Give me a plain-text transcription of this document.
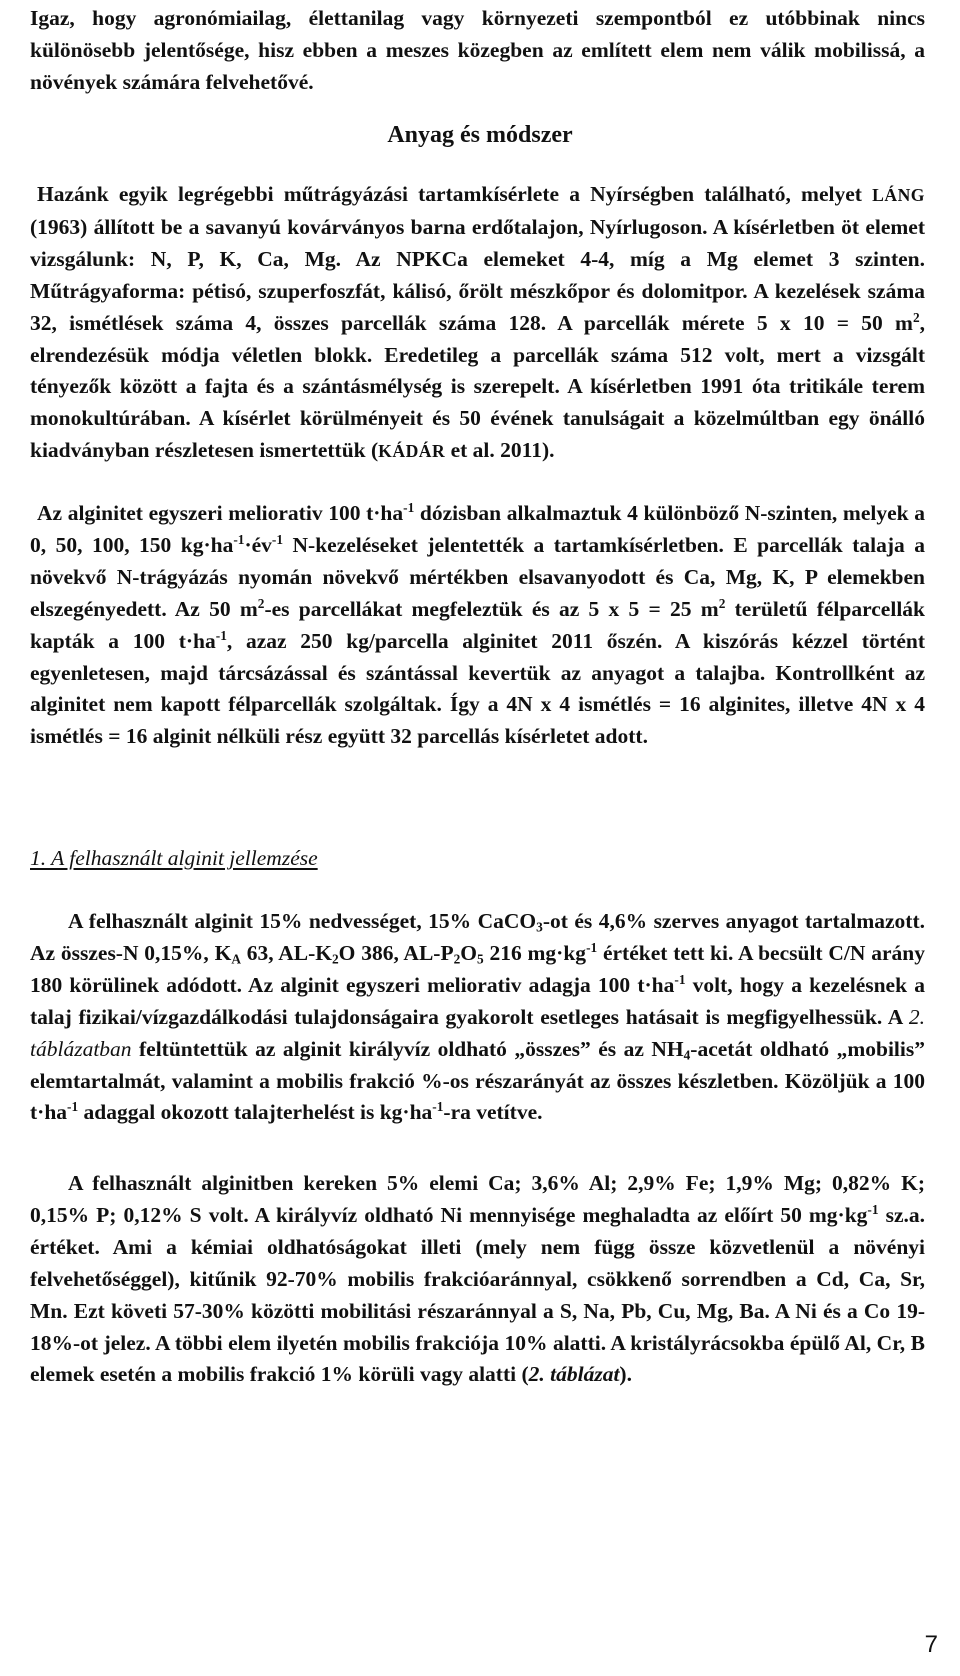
Igaz, hogy agronómiailag, élettanilag vagy környezeti szempontból ez utóbbinak nincs különösebb jelentősége, hisz ebben a meszes közegben az említett elem nem válik mobilissá, a növények számára felvehetővé.

Anyag és módszer

Hazánk egyik legrégebbi műtrágyázási tartamkísérlete a Nyírségben található, melyet LÁNG (1963) állított be a savanyú kovárványos barna erdőtalajon, Nyírlugoson. A kísérletben öt elemet vizsgálunk: N, P, K, Ca, Mg. Az NPKCa elemeket 4-4, míg a Mg elemet 3 szinten. Műtrágyaforma: pétisó, szuperfoszfát, kálisó, őrölt mészkőpor és dolomitpor. A kezelések száma 32, ismétlések száma 4, összes parcellák száma 128. A parcellák mérete 5 x 10 = 50 $m^2$, elrendezésük módja véletlen blokk. Eredetileg a parcellák száma 512 volt, mert a vizsgált tényezők között a fajta és a szántásmélység is szerepelt. A kísérletben 1991 óta tritikále terem monokultúrában. A kísérlet körülményeit és 50 évének tanulságait a közelmúltban egy önálló kiadványban részletesen ismertettük (KÁDÁR et al. 2011).

Az alginitet egyszeri meliorativ 100 $t\cdot ha^{-1}$ dózisban alkalmaztuk 4 különböző N-szinten, melyek a 0, 50, 100, 150 $kg\cdot ha^{-1}\cdot év^{-1}$ N-kezeléseket jelentették a tartamkísérletben. E parcellák talaja a növekvő N-trágyázás nyomán növekvő mértékben elsavanyodott és Ca, Mg, K, P elemekben elszegényedett. Az 50 $m^2-es$ parcellákat megfeleztük és az 5 x 5 = 25 $m^2$ területű félparcellák kapták a 100 $t\cdot ha^{-1}$, azaz 250 kg/parcella alginitet 2011 őszén. A kiszórás kézzel történt egyenletesen, majd tárcsázással és szántással kevertük az anyagot a talajba. Kontrollként az alginitet nem kapott félparcellák szolgáltak. Így a 4N x 4 ismétlés = 16 alginites, illetve 4N x 4 ismétlés = 16 alginit nélküli rész együtt 32 parcellás kísérletet adott.

1. A felhasznált alginit jellemzése

A felhasznált alginit 15% nedvességet, 15% CaCO$_3$-ot és 4,6% szerves anyagot tartalmazott. Az összes-N 0,15%, $K_A$ 63, $AL-K_2O$ 386, $AL-P_2O_5$ 216 $mg\cdot kg^{-1}$ értéket tett ki. A becsült C/N arány 180 körülinek adódott. Az alginit egyszeri meliorativ adagja 100 $t\cdot ha^{-1}$ volt, hogy a kezelésnek a talaj fizikai/vízgazdálkodási tulajdonságaira gyakorolt esetleges hatásait is megfigyelhessük. A 2. táblázatban feltüntettük az alginit királyvíz oldható „összes” és az $NH_4$-acetát oldható „mobilis” elemtartalmát, valamint a mobilis frakció %-os részarányát az összes készletben. Közöljük a 100 $t\cdot ha^{-1}$ adaggal okozott talajterhelést is $kg\cdot ha^{-1}-ra$ vetítve.

A felhasznált alginitben kereken 5% elemi Ca; 3,6% Al; 2,9% Fe; 1,9% Mg; 0,82% K; 0,15% P; 0,12% S volt. A királyvíz oldható Ni mennyisége meghaladta az előírt 50 $mg\cdot kg^{-1}$ sz.a. értéket. Ami a kémiai oldhatóságokat illeti (mely nem függ össze közvetlenül a növényi felvehetőséggel), kitűnik 92-70% mobilis frakcióaránnyal, csökkenő sorrendben a Cd, Ca, Sr, Mn. Ezt követi 57-30% közötti mobilitási részaránnyal a S, Na, Pb, Cu, Mg, Ba. A Ni és a Co 19-18%-ot jelez. A többi elem ilyetén mobilis frakciója 10% alatti. A kristályrácsokba épülő Al, Cr, B elemek esetén a mobilis frakció 1% körüli vagy alatti (2. táblázat).

7
